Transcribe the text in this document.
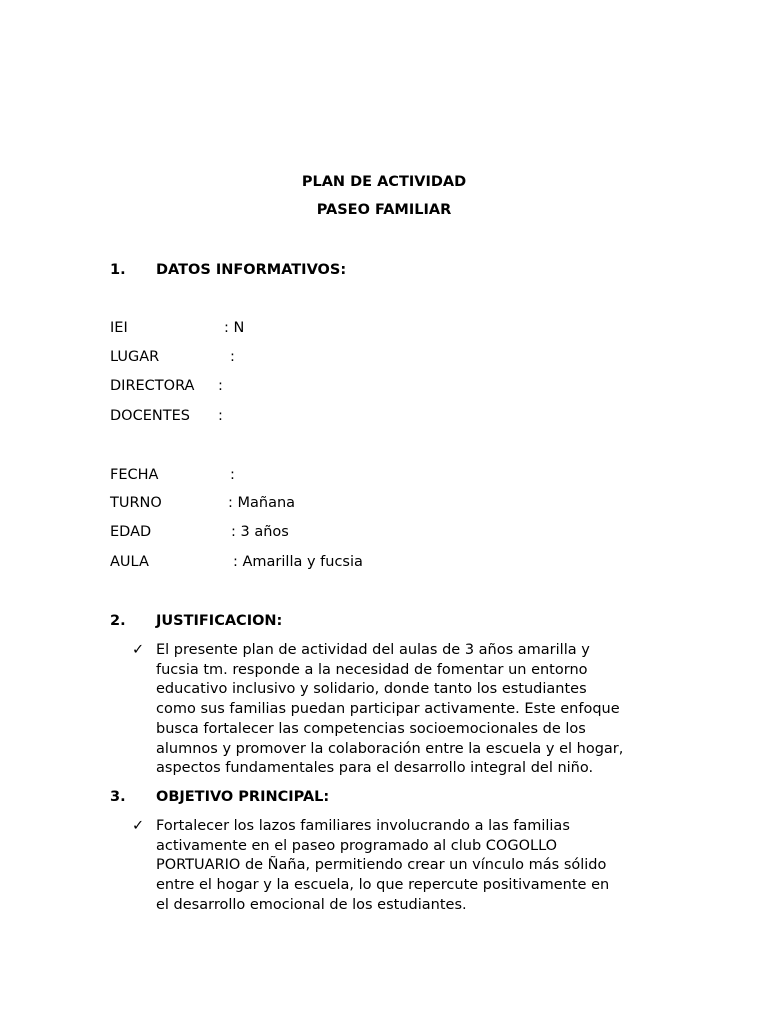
PLAN DE ACTIVIDAD
PASEO FAMILIAR
1. DATOS INFORMATIVOS:
IEI	: N
LUGAR	:
DIRECTORA :
DOCENTES :
FECHA	:
TURNO	: Mañana
EDAD	: 3 años
AULA	: Amarilla y fucsia
2. JUSTIFICACION:
✓ El presente plan de actividad del aulas de 3 años amarilla y
fucsia tm. responde a la necesidad de fomentar un entorno
educativo inclusivo y solidario, donde tanto los estudiantes
como sus familias puedan participar activamente. Este enfoque
busca fortalecer las competencias socioemocionales de los
alumnos y promover la colaboración entre la escuela y el hogar,
aspectos fundamentales para el desarrollo integral del niño.
3. OBJETIVO PRINCIPAL:
✓ Fortalecer los lazos familiares involucrando a las familias
activamente en el paseo programado al club COGOLLO
PORTUARIO de Ñaña, permitiendo crear un vínculo más sólido
entre el hogar y la escuela, lo que repercute positivamente en
el desarrollo emocional de los estudiantes.
